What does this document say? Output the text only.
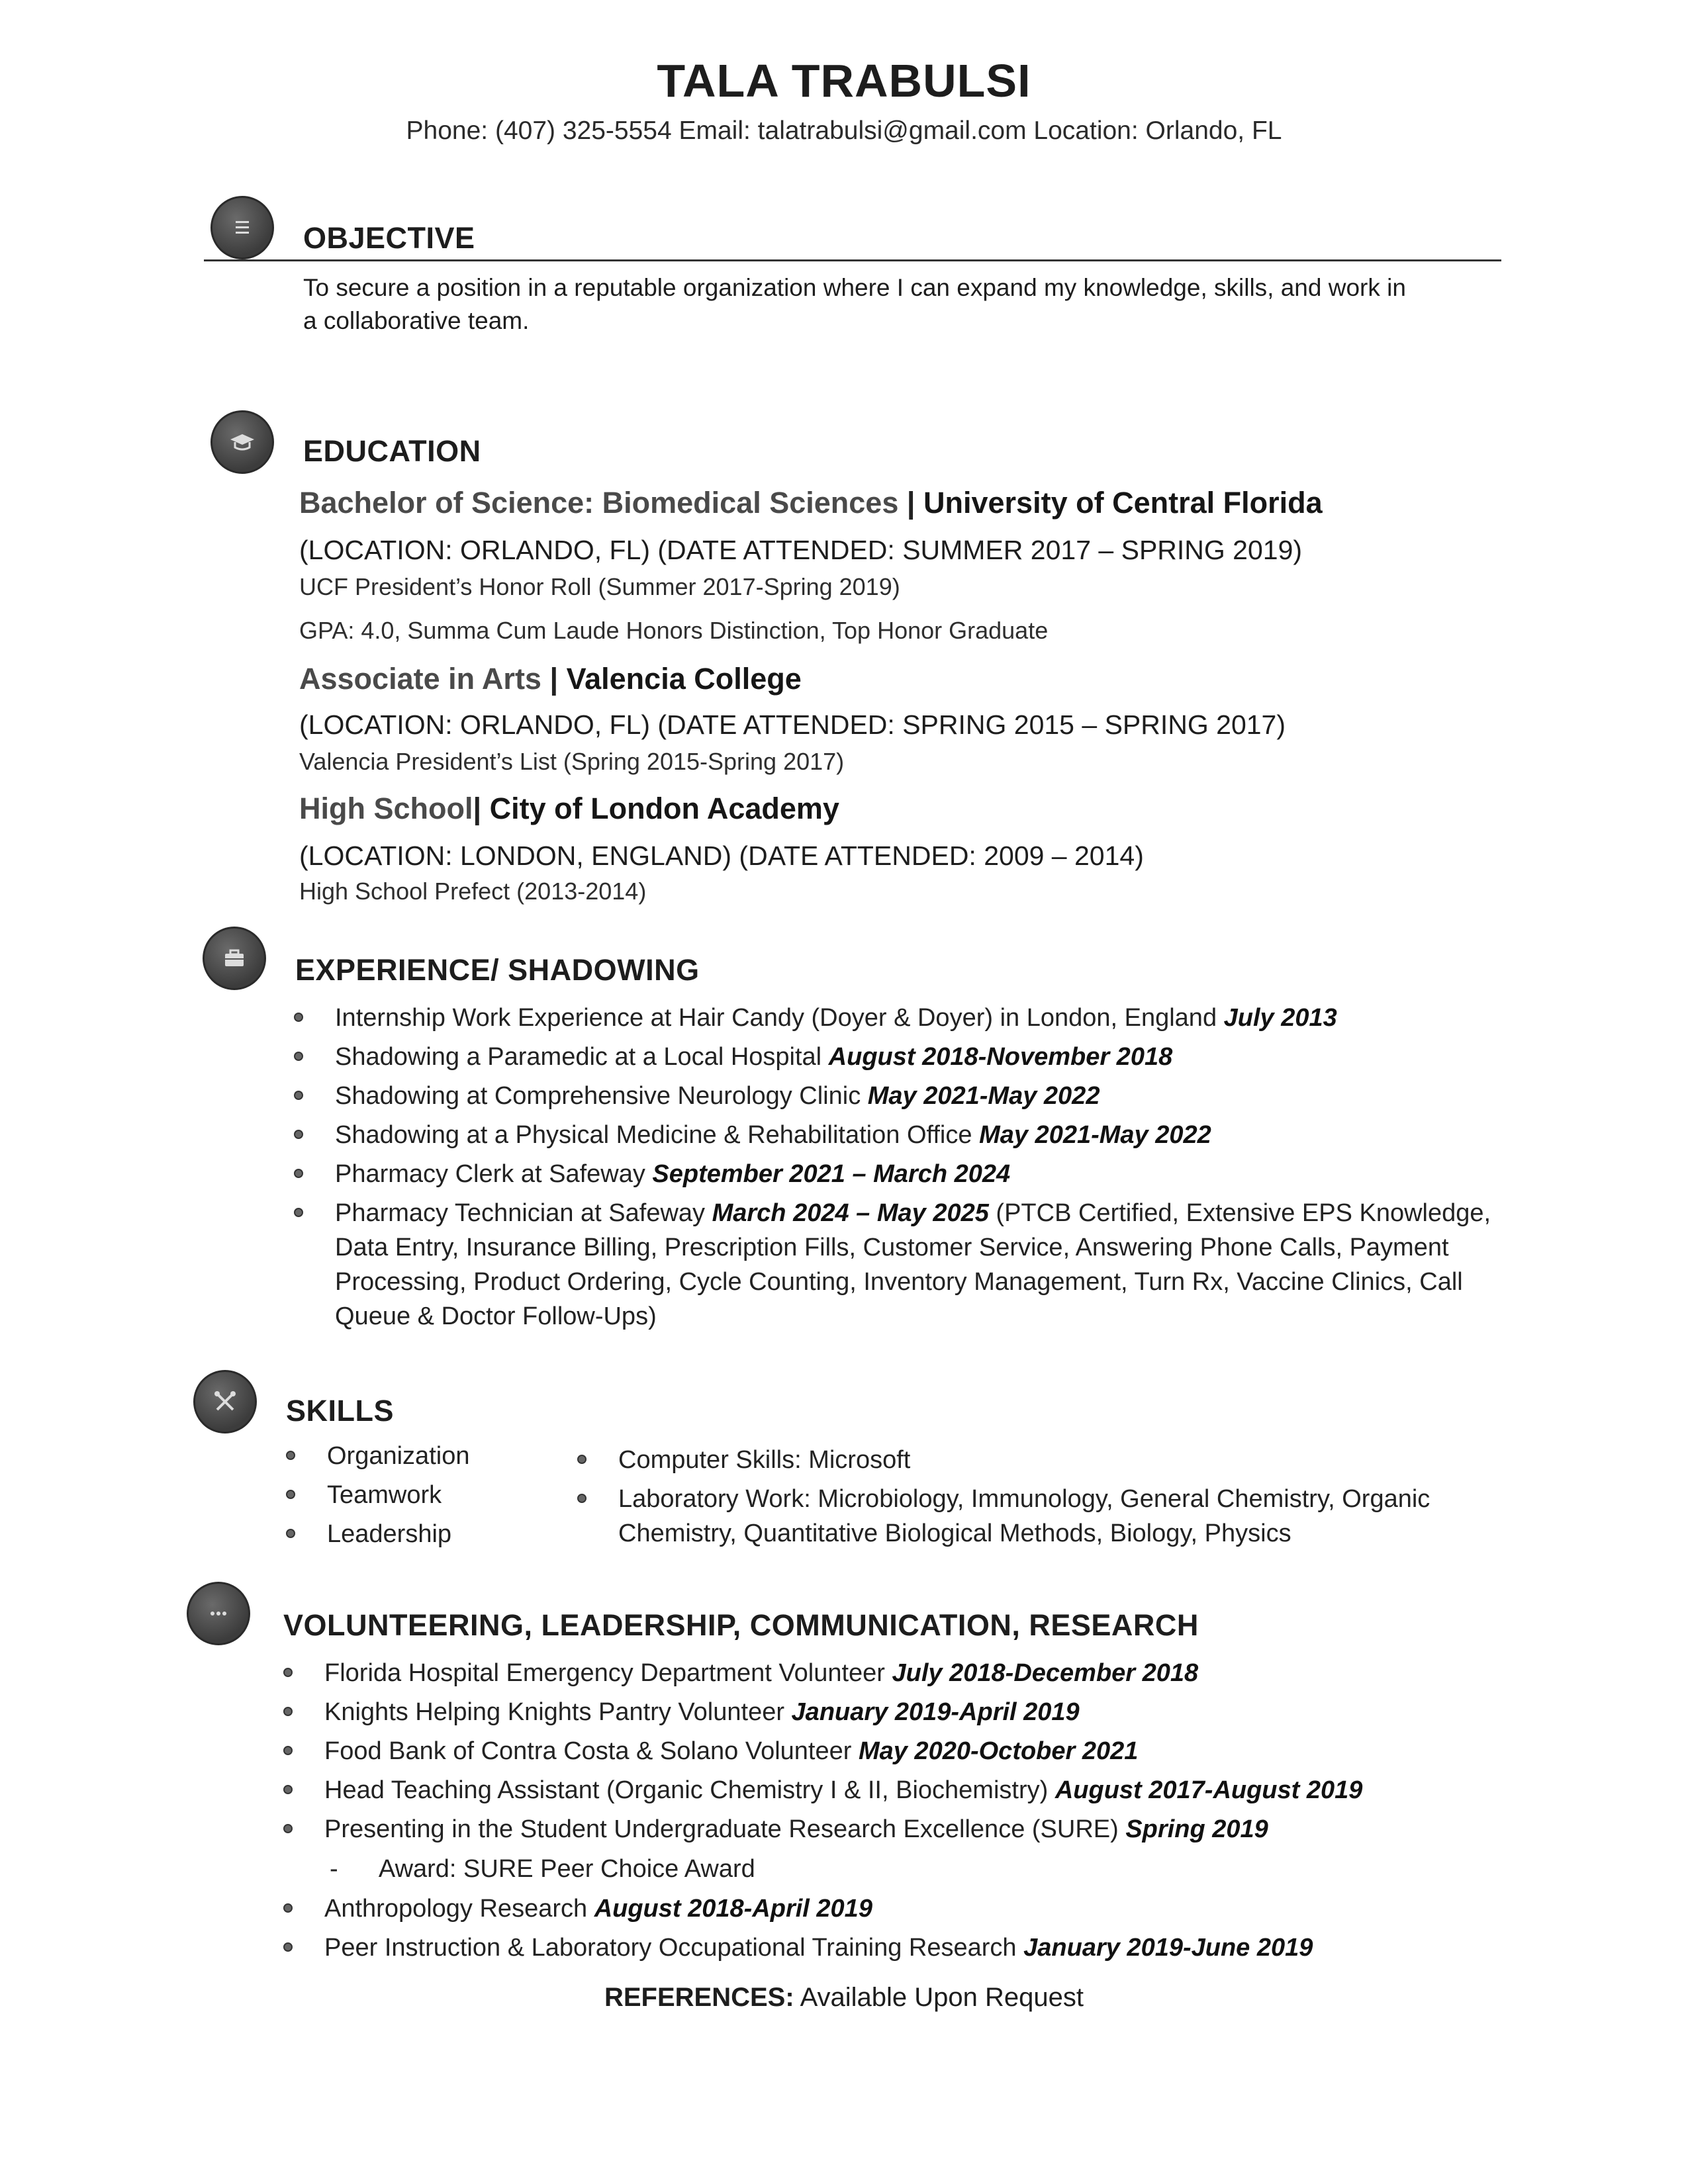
TALA TRABULSI
Phone: (407) 325-5554 Email: talatrabulsi@gmail.com Location: Orlando, FL
OBJECTIVE
To secure a position in a reputable organization where I can expand my knowledge, skills, and work in
a collaborative team.
EDUCATION
Bachelor of Science: Biomedical Sciences | University of Central Florida
(LOCATION: ORLANDO, FL) (DATE ATTENDED: SUMMER 2017 – SPRING 2019)
UCF President’s Honor Roll (Summer 2017-Spring 2019)
GPA: 4.0, Summa Cum Laude Honors Distinction, Top Honor Graduate
Associate in Arts | Valencia College
(LOCATION: ORLANDO, FL) (DATE ATTENDED: SPRING 2015 – SPRING 2017)
Valencia President’s List (Spring 2015-Spring 2017)
High School| City of London Academy
(LOCATION: LONDON, ENGLAND) (DATE ATTENDED: 2009 – 2014)
High School Prefect (2013-2014)
EXPERIENCE/ SHADOWING
Internship Work Experience at Hair Candy (Doyer & Doyer) in London, England July 2013
Shadowing a Paramedic at a Local Hospital August 2018-November 2018
Shadowing at Comprehensive Neurology Clinic May 2021-May 2022
Shadowing at a Physical Medicine & Rehabilitation Office May 2021-May 2022
Pharmacy Clerk at Safeway September 2021 – March 2024
Pharmacy Technician at Safeway March 2024 – May 2025 (PTCB Certified, Extensive EPS Knowledge, Data Entry, Insurance Billing, Prescription Fills, Customer Service, Answering Phone Calls, Payment Processing, Product Ordering, Cycle Counting, Inventory Management, Turn Rx, Vaccine Clinics, Call Queue & Doctor Follow-Ups)
SKILLS
Organization
Teamwork
Leadership
Computer Skills: Microsoft
Laboratory Work: Microbiology, Immunology, General Chemistry, Organic Chemistry, Quantitative Biological Methods, Biology, Physics
VOLUNTEERING, LEADERSHIP, COMMUNICATION, RESEARCH
Florida Hospital Emergency Department Volunteer July 2018-December 2018
Knights Helping Knights Pantry Volunteer January 2019-April 2019
Food Bank of Contra Costa & Solano Volunteer May 2020-October 2021
Head Teaching Assistant (Organic Chemistry I & II, Biochemistry) August 2017-August 2019
Presenting in the Student Undergraduate Research Excellence (SURE) Spring 2019
-      Award: SURE Peer Choice Award
Anthropology Research August 2018-April 2019
Peer Instruction & Laboratory Occupational Training Research January 2019-June 2019
REFERENCES: Available Upon Request
